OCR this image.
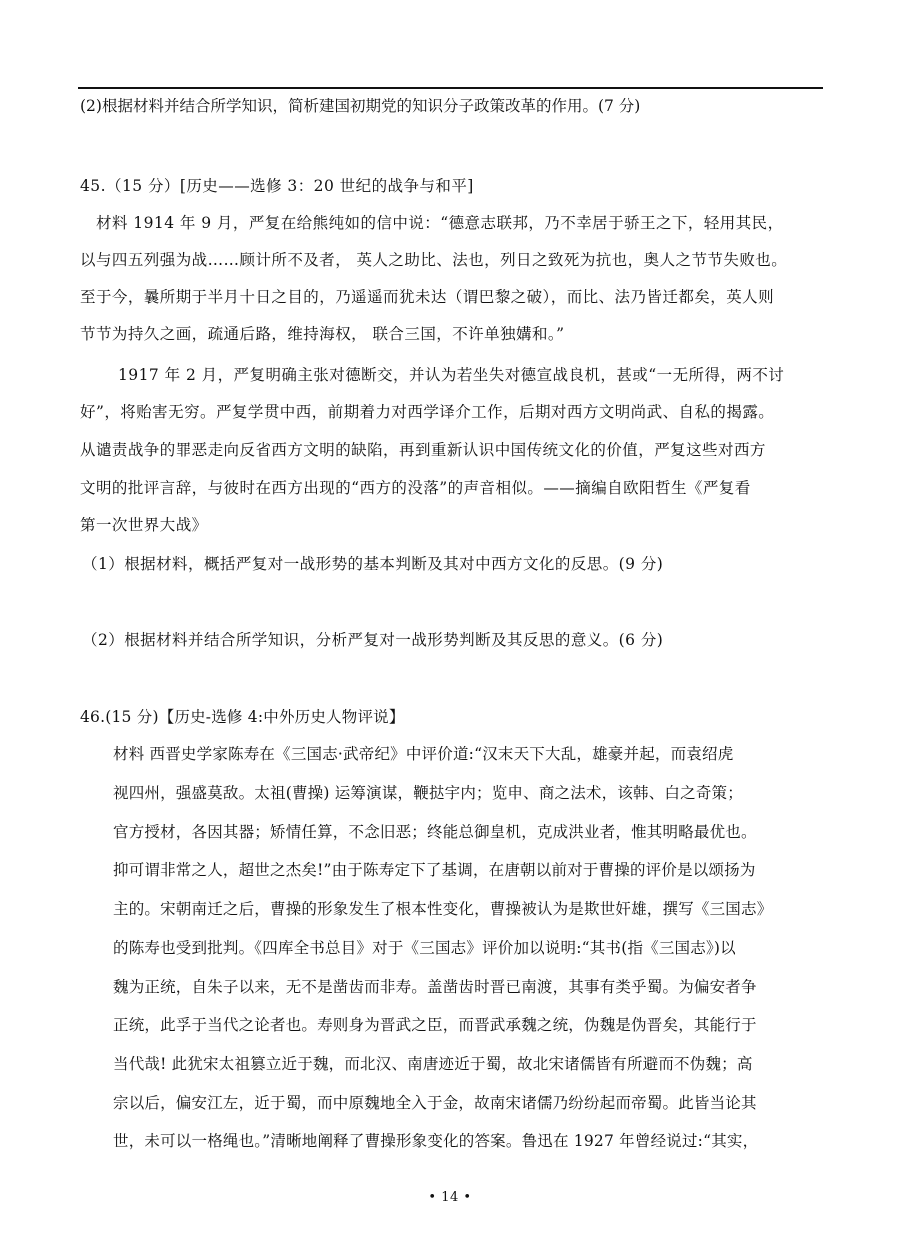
(2)根据材料并结合所学知识，简析建国初期党的知识分子政策改革的作用。(7 分)
45.（15 分）[历史——选修 3：20 世纪的战争与和平]
材料 1914 年 9 月，严复在给熊纯如的信中说：“德意志联邦，乃不幸居于骄王之下，轻用其民，
以与四五列强为战……顾计所不及者， 英人之助比、法也，列日之致死为抗也，奥人之节节失败也。
至于今，曩所期于半月十日之目的，乃遥遥而犹未达（谓巴黎之破），而比、法乃皆迁都矣，英人则
节节为持久之画，疏通后路，维持海权， 联合三国，不许单独媾和。”
1917 年 2 月，严复明确主张对德断交，并认为若坐失对德宣战良机，甚或“一无所得，两不讨
好”，将贻害无穷。严复学贯中西，前期着力对西学译介工作，后期对西方文明尚武、自私的揭露。
从谴责战争的罪恶走向反省西方文明的缺陷，再到重新认识中国传统文化的价值，严复这些对西方
文明的批评言辞，与彼时在西方出现的“西方的没落”的声音相似。——摘编自欧阳哲生《严复看
第一次世界大战》
（1）根据材料，概括严复对一战形势的基本判断及其对中西方文化的反思。(9 分)
（2）根据材料并结合所学知识，分析严复对一战形势判断及其反思的意义。(6 分)
46.(15 分)【历史-选修 4:中外历史人物评说】
材料 西晋史学家陈寿在《三国志·武帝纪》中评价道:“汉末天下大乱，雄豪并起，而袁绍虎
视四州，强盛莫敌。太祖(曹操) 运筹演谋，鞭挞宇内；览申、商之法术，该韩、白之奇策；
官方授材，各因其器；矫情任算，不念旧恶；终能总御皇机，克成洪业者，惟其明略最优也。
抑可谓非常之人，超世之杰矣!”由于陈寿定下了基调，在唐朝以前对于曹操的评价是以颂扬为
主的。宋朝南迁之后，曹操的形象发生了根本性变化，曹操被认为是欺世奸雄，撰写《三国志》
的陈寿也受到批判。《四库全书总目》对于《三国志》评价加以说明:“其书(指《三国志》)以
魏为正统，自朱子以来，无不是凿齿而非寿。盖凿齿时晋已南渡，其事有类乎蜀。为偏安者争
正统，此孚于当代之论者也。寿则身为晋武之臣，而晋武承魏之统，伪魏是伪晋矣，其能行于
当代哉! 此犹宋太祖篡立近于魏，而北汉、南唐迹近于蜀，故北宋诸儒皆有所避而不伪魏；高
宗以后，偏安江左，近于蜀，而中原魏地全入于金，故南宋诸儒乃纷纷起而帝蜀。此皆当论其
世，未可以一格绳也。”清晰地阐释了曹操形象变化的答案。鲁迅在 1927 年曾经说过:“其实，
• 14 •
